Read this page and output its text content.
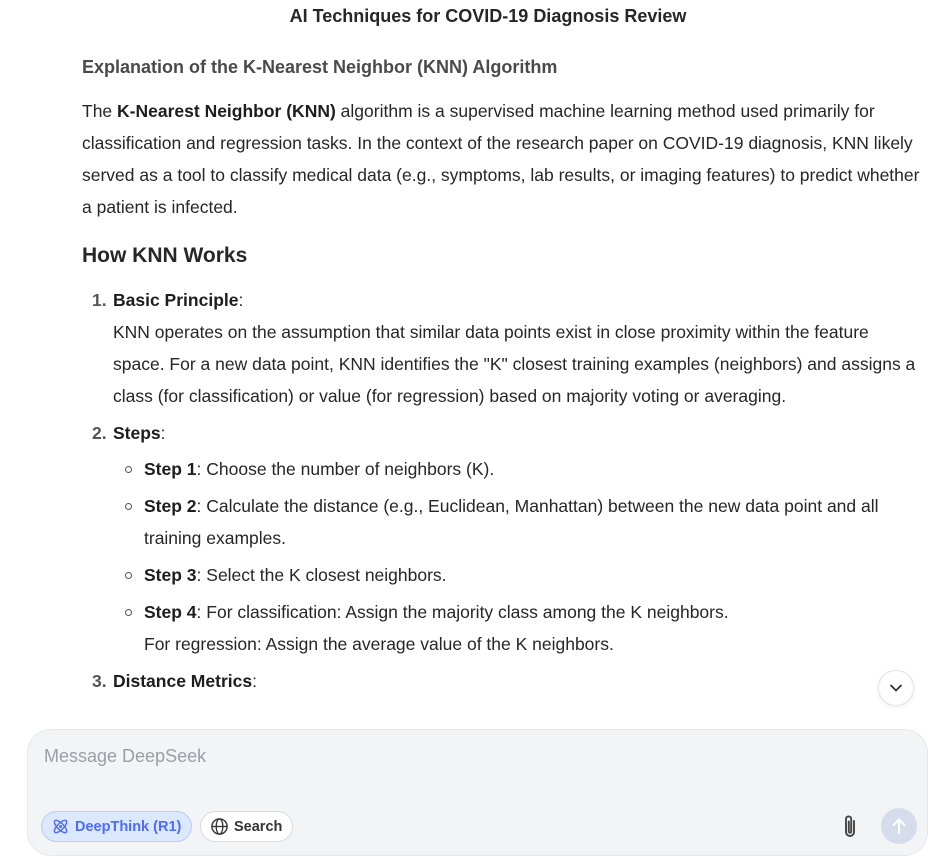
AI Techniques for COVID-19 Diagnosis Review
Explanation of the K-Nearest Neighbor (KNN) Algorithm

The K-Nearest Neighbor (KNN) algorithm is a supervised machine learning method used primarily for classification and regression tasks. In the context of the research paper on COVID-19 diagnosis, KNN likely served as a tool to classify medical data (e.g., symptoms, lab results, or imaging features) to predict whether a patient is infected.

How KNN Works
Basic Principle:
KNN operates on the assumption that similar data points exist in close proximity within the feature space. For a new data point, KNN identifies the "K" closest training examples (neighbors) and assigns a class (for classification) or value (for regression) based on majority voting or averaging.
Steps:
Step 1: Choose the number of neighbors (K).
Step 2: Calculate the distance (e.g., Euclidean, Manhattan) between the new data point and all training examples.
Step 3: Select the K closest neighbors.
Step 4: For classification: Assign the majority class among the K neighbors.
For regression: Assign the average value of the K neighbors.
Distance Metrics:
Message DeepSeek
DeepThink (R1)	Search
